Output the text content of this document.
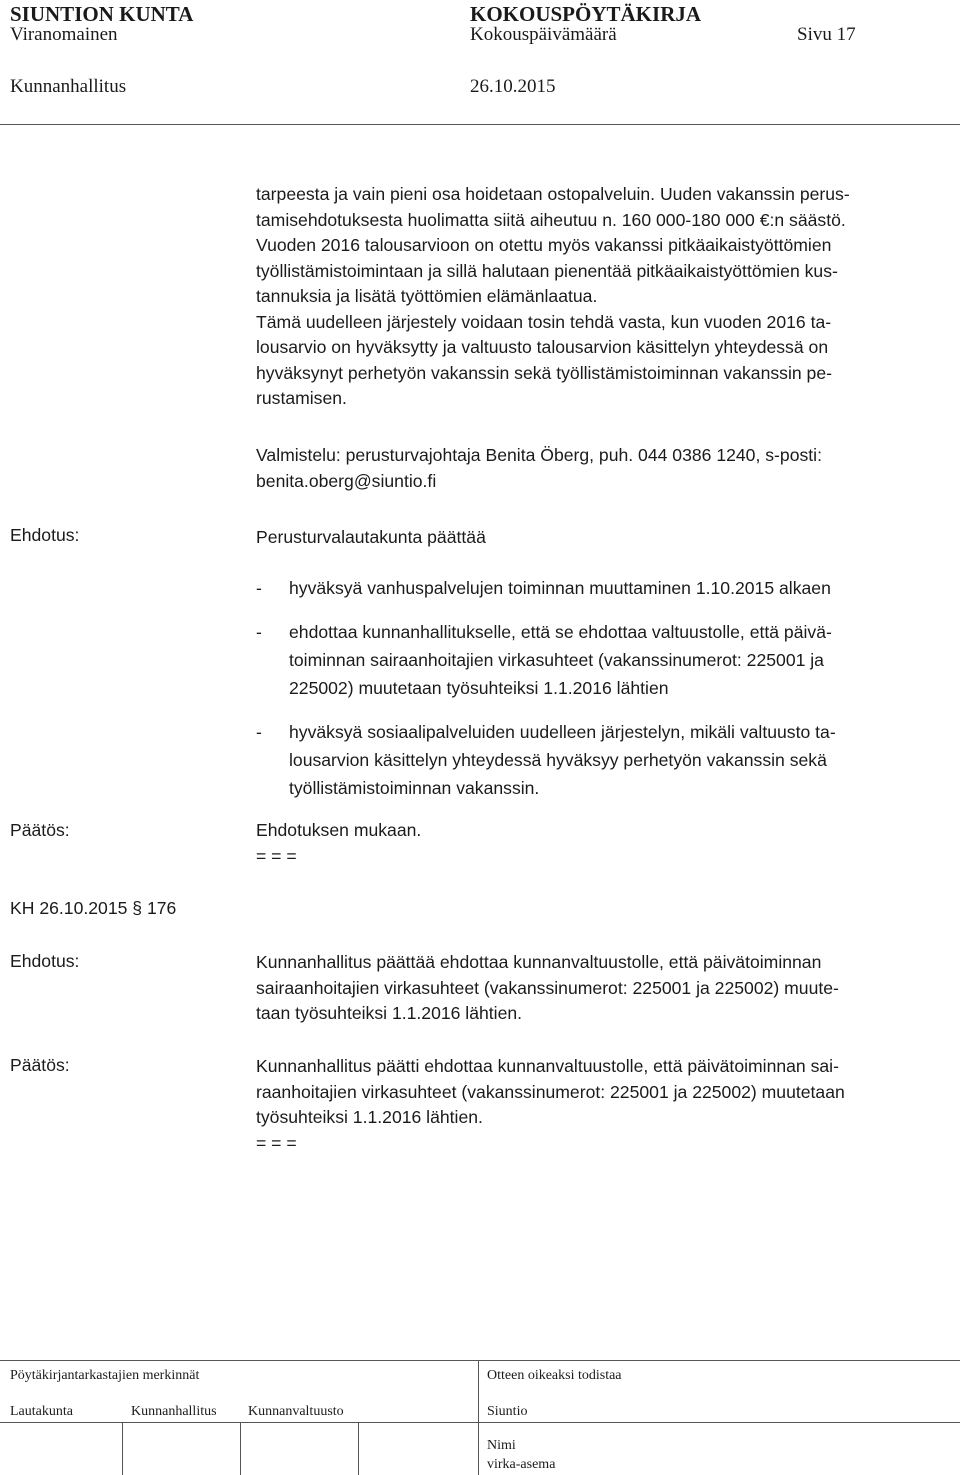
SIUNTION KUNTA	KOKOUSPÖYTÄKIRJA
Viranomainen	Kokouspäivämäärä	Sivu 17
Kunnanhallitus	26.10.2015
tarpeesta ja vain pieni osa hoidetaan ostopalveluin. Uuden vakanssin perus-
tamisehdotuksesta huolimatta siitä aiheutuu n. 160 000-180 000 €:n säästö.
Vuoden 2016 talousarvioon on otettu myös vakanssi pitkäaikaistyöttömien
työllistämistoimintaan ja sillä halutaan pienentää pitkäaikaistyöttömien kus-
tannuksia ja lisätä työttömien elämänlaatua.
Tämä uudelleen järjestely voidaan tosin tehdä vasta, kun vuoden 2016 ta-
lousarvio on hyväksytty ja valtuusto talousarvion käsittelyn yhteydessä on
hyväksynyt perhetyön vakanssin sekä työllistämistoiminnan vakanssin pe-
rustamisen.
Valmistelu: perusturvajohtaja Benita Öberg, puh. 044 0386 1240, s-posti:
benita.oberg@siuntio.fi
Ehdotus:	Perusturvalautakunta päättää
- hyväksyä vanhuspalvelujen toiminnan muuttaminen 1.10.2015 alkaen
- ehdottaa kunnanhallitukselle, että se ehdottaa valtuustolle, että päivä-
toiminnan sairaanhoitajien virkasuhteet (vakanssinumerot: 225001 ja
225002) muutetaan työsuhteiksi 1.1.2016 lähtien
- hyväksyä sosiaalipalveluiden uudelleen järjestelyn, mikäli valtuusto ta-
lousarvion käsittelyn yhteydessä hyväksyy perhetyön vakanssin sekä
työllistämistoiminnan vakanssin.
Päätös:	Ehdotuksen mukaan.
= = =
KH 26.10.2015 § 176
Ehdotus:	Kunnanhallitus päättää ehdottaa kunnanvaltuustolle, että päivätoiminnan
sairaanhoitajien virkasuhteet (vakanssinumerot: 225001 ja 225002) muute-
taan työsuhteiksi 1.1.2016 lähtien.
Päätös:	Kunnanhallitus päätti ehdottaa kunnanvaltuustolle, että päivätoiminnan sai-
raanhoitajien virkasuhteet (vakanssinumerot: 225001 ja 225002) muutetaan
työsuhteiksi 1.1.2016 lähtien.
= = =
Pöytäkirjantarkastajien merkinnät	Otteen oikeaksi todistaa
Lautakunta	Kunnanhallitus Kunnanvaltuusto	Siuntio
Nimi
virka-asema
